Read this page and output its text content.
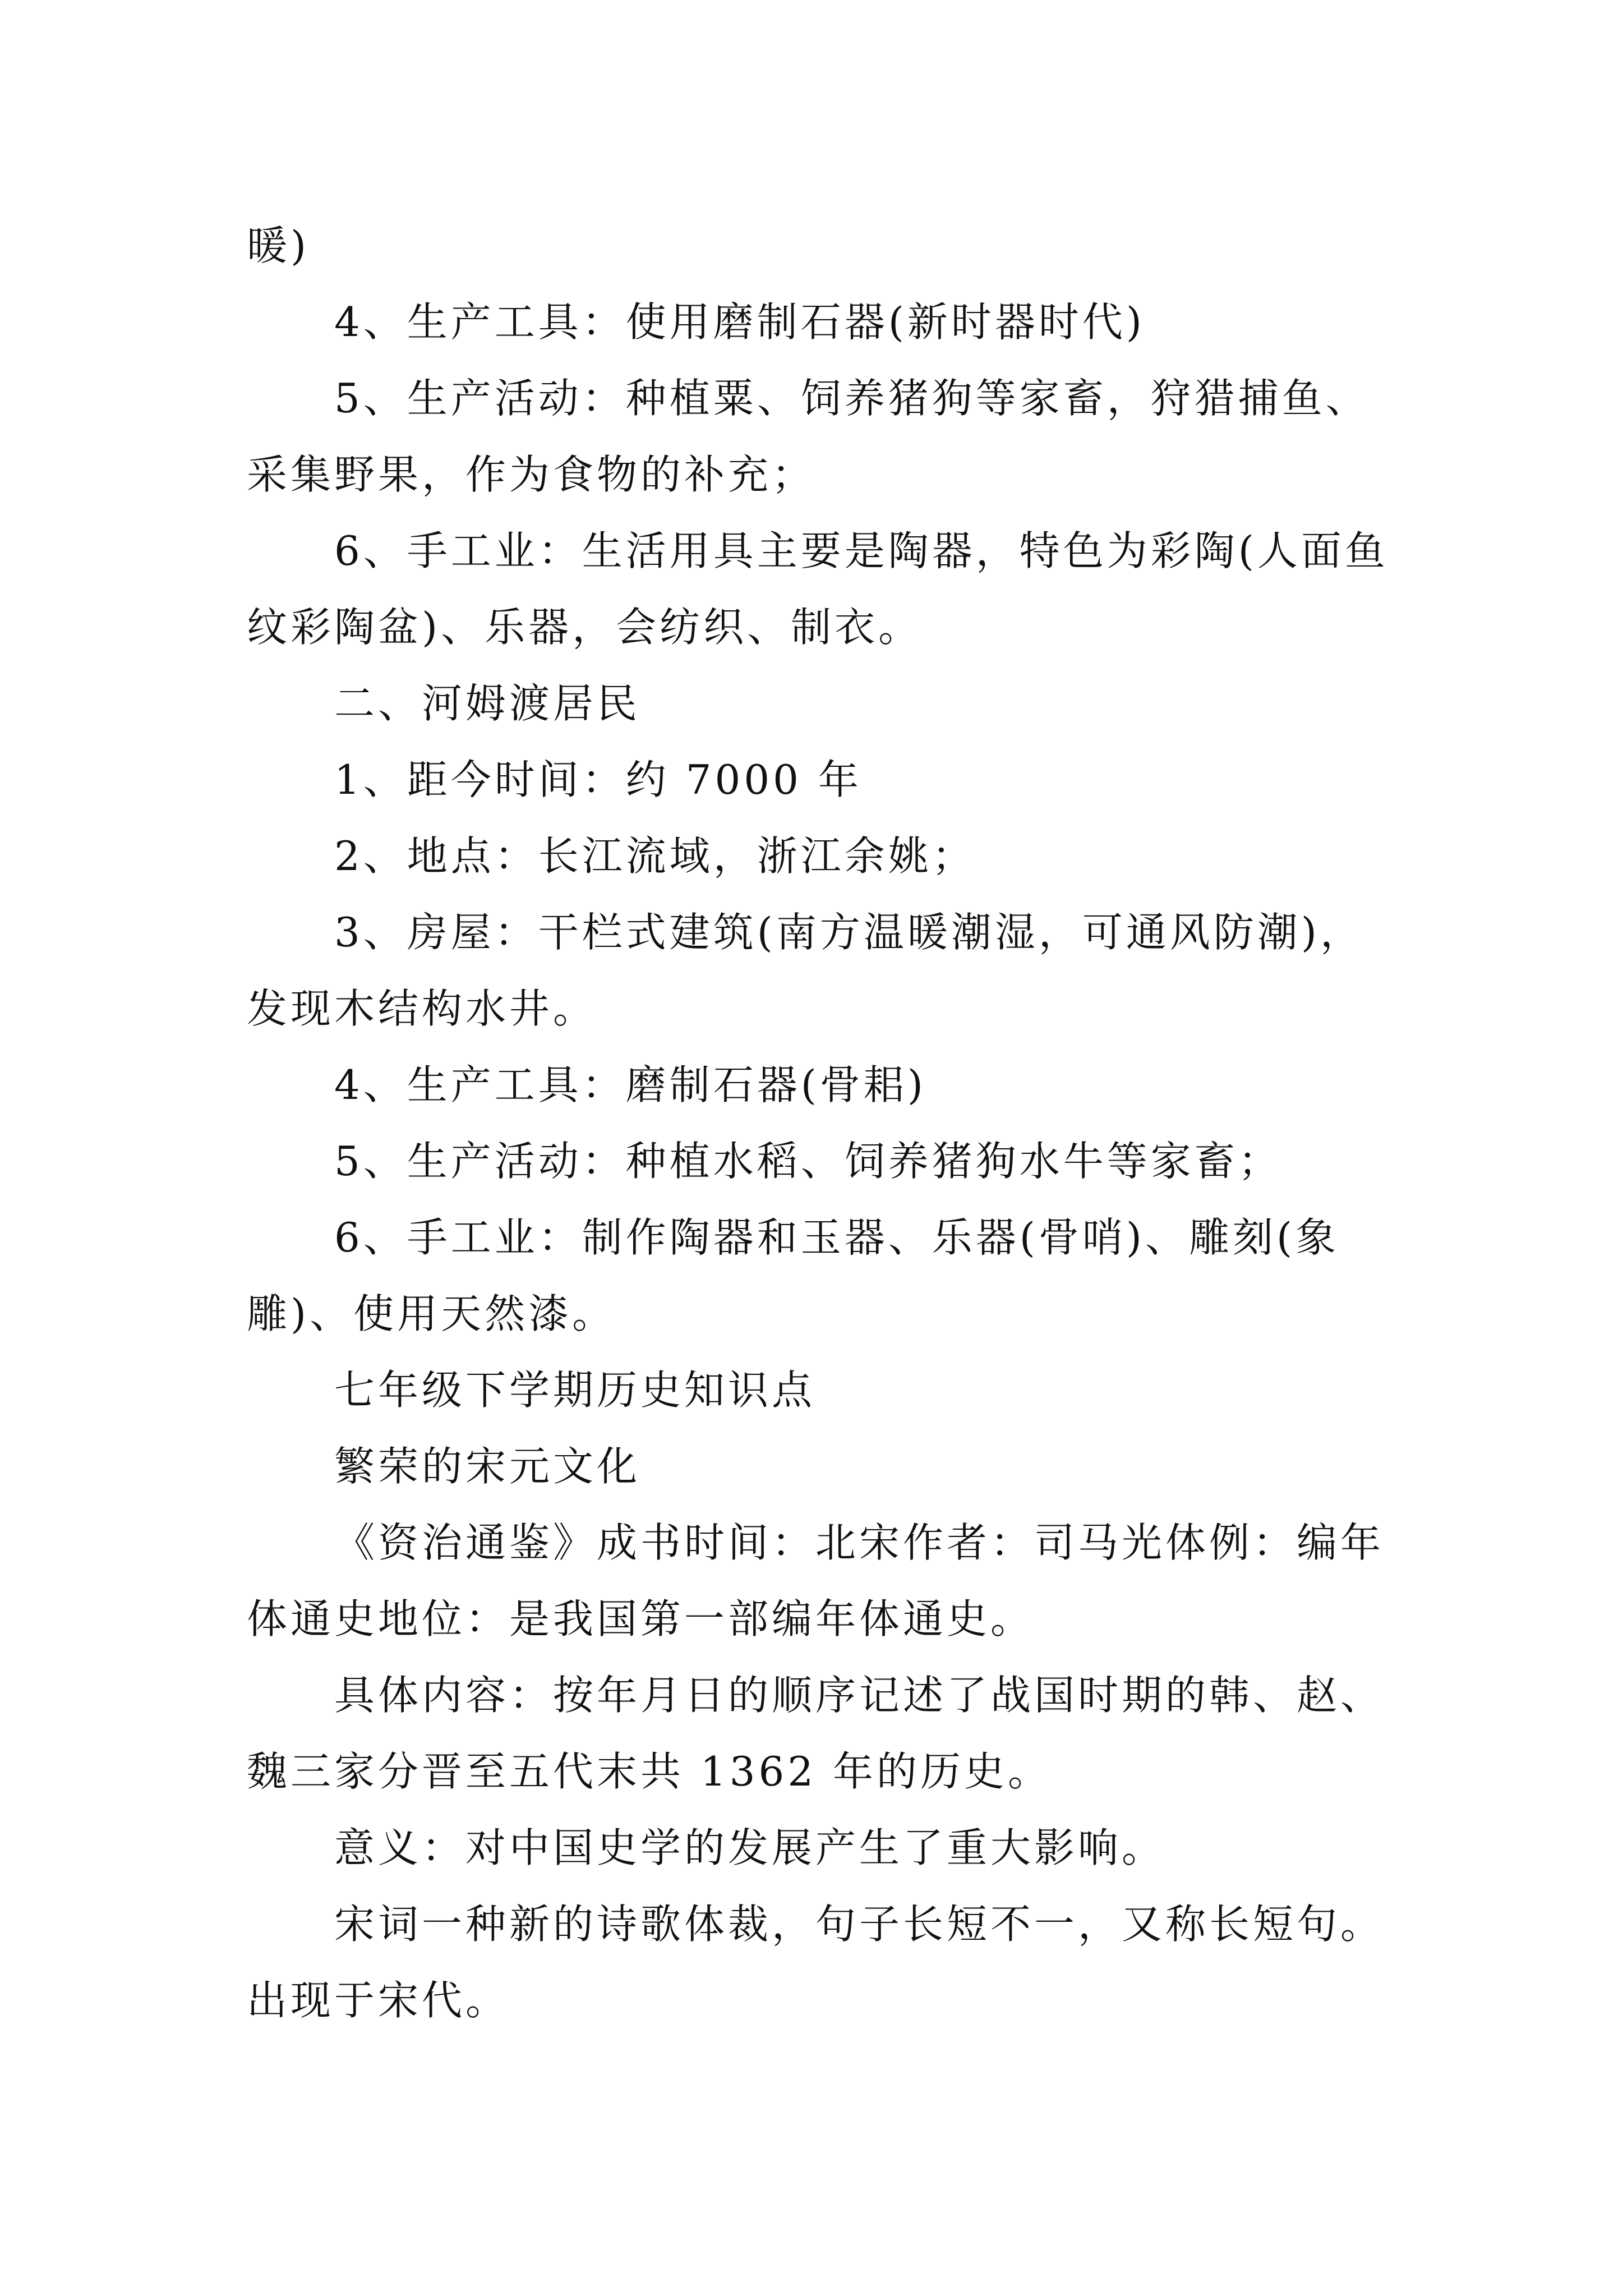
暖)

4、生产工具：使用磨制石器(新时器时代)

5、生产活动：种植粟、饲养猪狗等家畜，狩猎捕鱼、采集野果，作为食物的补充；

6、手工业：生活用具主要是陶器，特色为彩陶(人面鱼纹彩陶盆)、乐器，会纺织、制衣。

二、河姆渡居民

1、距今时间：约 7000 年

2、地点：长江流域，浙江余姚；

3、房屋：干栏式建筑(南方温暖潮湿，可通风防潮)，发现木结构水井。

4、生产工具：磨制石器(骨耜)

5、生产活动：种植水稻、饲养猪狗水牛等家畜；

6、手工业：制作陶器和玉器、乐器(骨哨)、雕刻(象雕)、使用天然漆。

七年级下学期历史知识点

繁荣的宋元文化

《资治通鉴》成书时间：北宋作者：司马光体例：编年体通史地位：是我国第一部编年体通史。

具体内容：按年月日的顺序记述了战国时期的韩、赵、魏三家分晋至五代末共 1362 年的历史。

意义：对中国史学的发展产生了重大影响。

宋词一种新的诗歌体裁，句子长短不一，又称长短句。出现于宋代。
